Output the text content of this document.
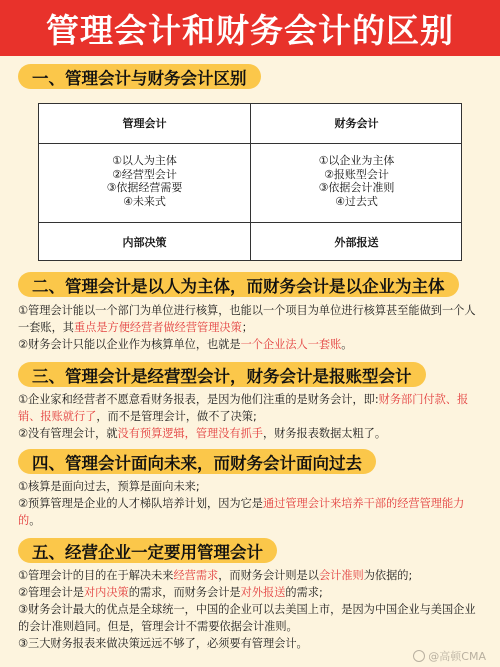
管理会计和财务会计的区别
一、管理会计与财务会计区别
管理会计	财务会计
①以人为主体
②经营型会计
③依据经营需要
④未来式
①以企业为主体
②报账型会计
③依据会计准则
④过去式
内部决策	外部报送
二、管理会计是以人为主体，而财务会计是以企业为主体

①管理会计能以一个部门为单位进行核算，也能以一个项目为单位进行核算甚至能做到一个人一套账，其重点是方便经营者做经营管理决策；

②财务会计只能以企业作为核算单位，也就是一个企业法人一套账。

三、管理会计是经营型会计，财务会计是报账型会计

①企业家和经营者不愿意看财务报表，是因为他们注重的是财务会计，即:财务部门付款、报销、报账就行了，而不是管理会计，做不了决策;

②没有管理会计，就没有预算逻辑，管理没有抓手，财务报表数据太粗了。

四、管理会计面向未来，而财务会计面向过去

①核算是面向过去，预算是面向未来;

②预算管理是企业的人才梯队培养计划，因为它是通过管理会计来培养干部的经营管理能力的。

五、经营企业一定要用管理会计

①管理会计的目的在于解决未来经营需求，而财务会计则是以会计准则为依据的;

②管理会计是对内决策的需求，而财务会计是对外报送的需求;

③财务会计最大的优点是全球统一，中国的企业可以去美国上市，是因为中国企业与美国企业的会计准则趋同。但是，管理会计不需要依据会计准则。

③三大财务报表来做决策远远不够了，必须要有管理会计。

@高顿CMA
